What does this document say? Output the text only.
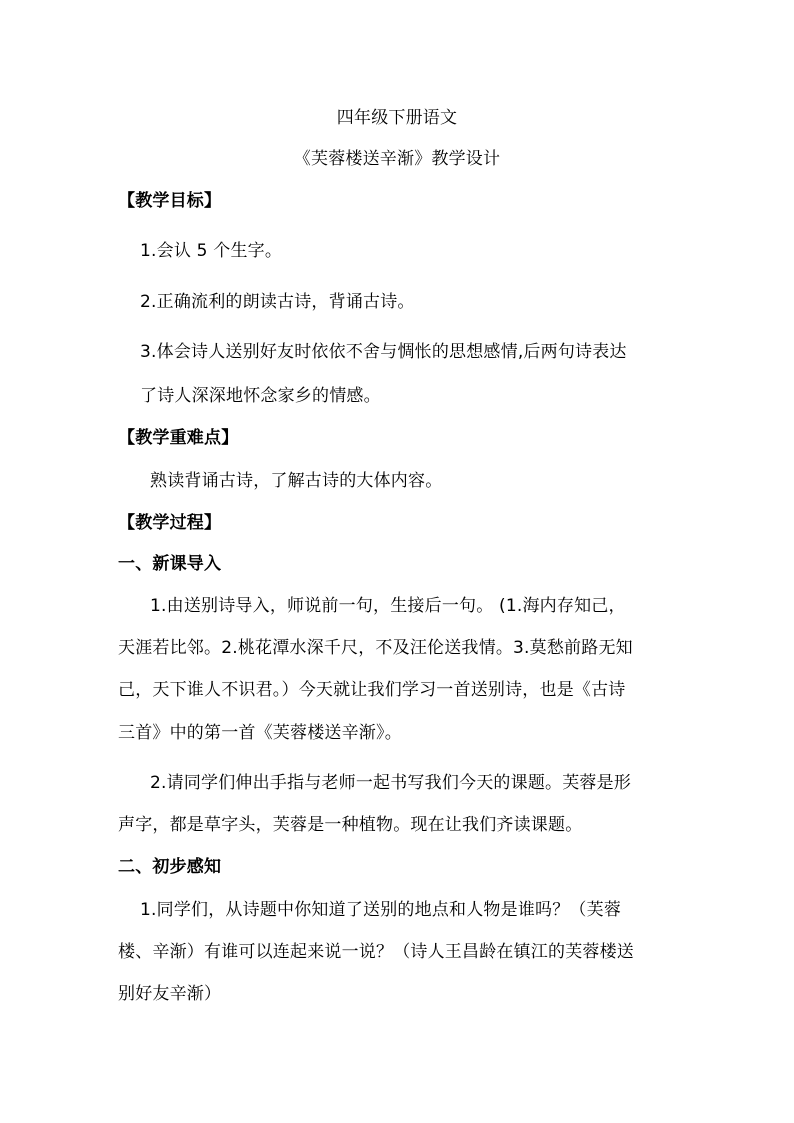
四年级下册语文
《芙蓉楼送辛渐》教学设计
【教学目标】
1.会认 5 个生字。
2.正确流利的朗读古诗，背诵古诗。
3.体会诗人送别好友时依依不舍与惆怅的思想感情,后两句诗表达
了诗人深深地怀念家乡的情感。
【教学重难点】
熟读背诵古诗，了解古诗的大体内容。
【教学过程】
一、新课导入
1.由送别诗导入，师说前一句，生接后一句。 (1.海内存知己，
天涯若比邻。2.桃花潭水深千尺，不及汪伦送我情。3.莫愁前路无知
己，天下谁人不识君。）今天就让我们学习一首送别诗，也是《古诗
三首》中的第一首《芙蓉楼送辛渐》。
2.请同学们伸出手指与老师一起书写我们今天的课题。芙蓉是形
声字，都是草字头，芙蓉是一种植物。现在让我们齐读课题。
二、初步感知
1.同学们，从诗题中你知道了送别的地点和人物是谁吗？（芙蓉
楼、辛渐）有谁可以连起来说一说？（诗人王昌龄在镇江的芙蓉楼送
别好友辛渐）
